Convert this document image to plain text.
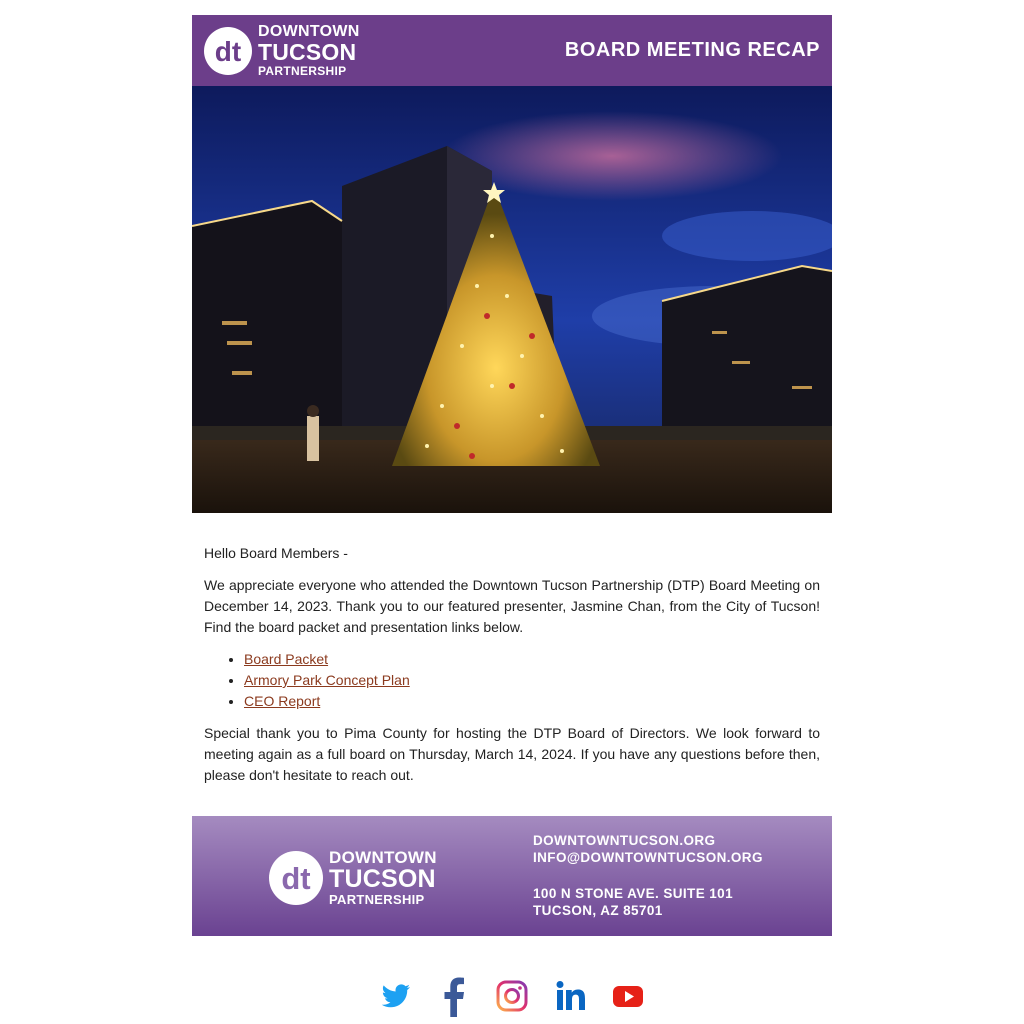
dt
DOWNTOWN
TUCSON
PARTNERSHIP
BOARD MEETING RECAP

Hello Board Members -

We appreciate everyone who attended the Downtown Tucson Partnership (DTP) Board Meeting on December 14, 2023. Thank you to our featured presenter, Jasmine Chan, from the City of Tucson! Find the board packet and presentation links below.

• Board Packet
• Armory Park Concept Plan
• CEO Report

Special thank you to Pima County for hosting the DTP Board of Directors. We look forward to meeting again as a full board on Thursday, March 14, 2024. If you have any questions before then, please don't hesitate to reach out.

dt
DOWNTOWN
TUCSON
PARTNERSHIP
DOWNTOWNTUCSON.ORG
INFO@DOWNTOWNTUCSON.ORG
100 N STONE AVE. SUITE 101
TUCSON, AZ 85701
